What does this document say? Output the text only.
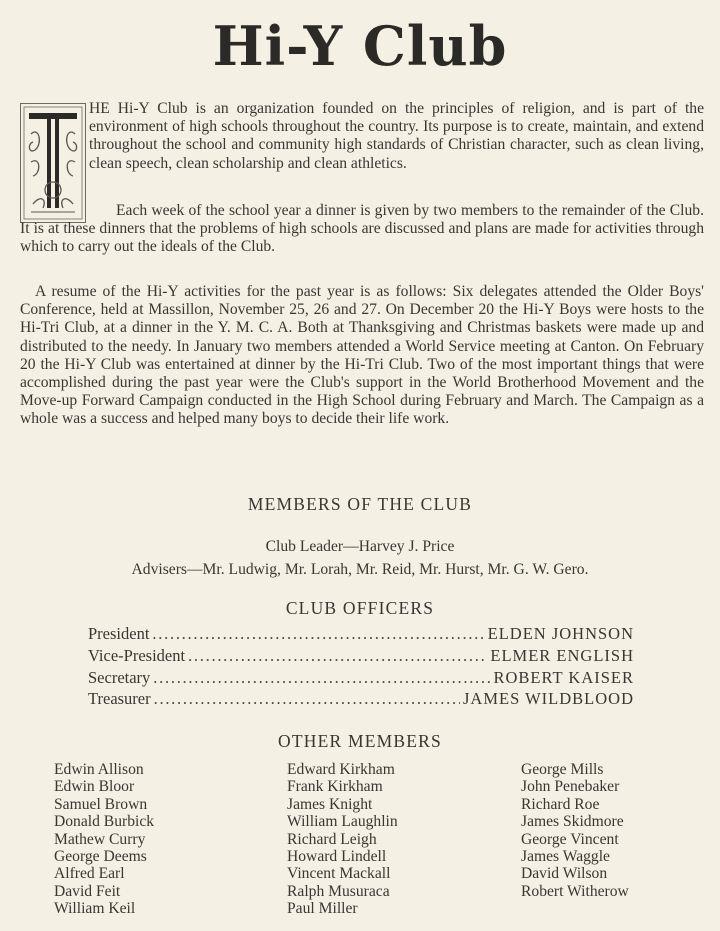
Hi-Y Club

HE Hi-Y Club is an organization founded on the principles of religion, and is part of the environment of high schools throughout the country. Its purpose is to create, maintain, and extend throughout the school and community high standards of Christian character, such as clean living, clean speech, clean scholarship and clean athletics.

Each week of the school year a dinner is given by two members to the remainder of the Club. It is at these dinners that the problems of high schools are discussed and plans are made for activities through which to carry out the ideals of the Club.

A resume of the Hi-Y activities for the past year is as follows: Six delegates attended the Older Boys' Conference, held at Massillon, November 25, 26 and 27. On December 20 the Hi-Y Boys were hosts to the Hi-Tri Club, at a dinner in the Y. M. C. A. Both at Thanksgiving and Christmas baskets were made up and distributed to the needy. In January two members attended a World Service meeting at Canton. On February 20 the Hi-Y Club was entertained at dinner by the Hi-Tri Club. Two of the most important things that were accomplished during the past year were the Club's support in the World Brotherhood Movement and the Move-up Forward Campaign conducted in the High School during February and March. The Campaign as a whole was a success and helped many boys to decide their life work.

MEMBERS OF THE CLUB
Club Leader—Harvey J. Price
Advisers—Mr. Ludwig, Mr. Lorah, Mr. Reid, Mr. Hurst, Mr. G. W. Gero.
CLUB OFFICERS
President . . .	ELDEN JOHNSON
Vice-President . . .	ELMER ENGLISH
Secretary . . .	ROBERT KAISER
Treasurer . . .	JAMES WILDBLOOD
OTHER MEMBERS
Edwin Allison
Edwin Bloor
Samuel Brown
Donald Burbick
Mathew Curry
George Deems
Alfred Earl
David Feit
William Keil
Edward Kirkham
Frank Kirkham
James Knight
William Laughlin
Richard Leigh
Howard Lindell
Vincent Mackall
Ralph Musuraca
Paul Miller
George Mills
John Penebaker
Richard Roe
James Skidmore
George Vincent
James Waggle
David Wilson
Robert Witherow
